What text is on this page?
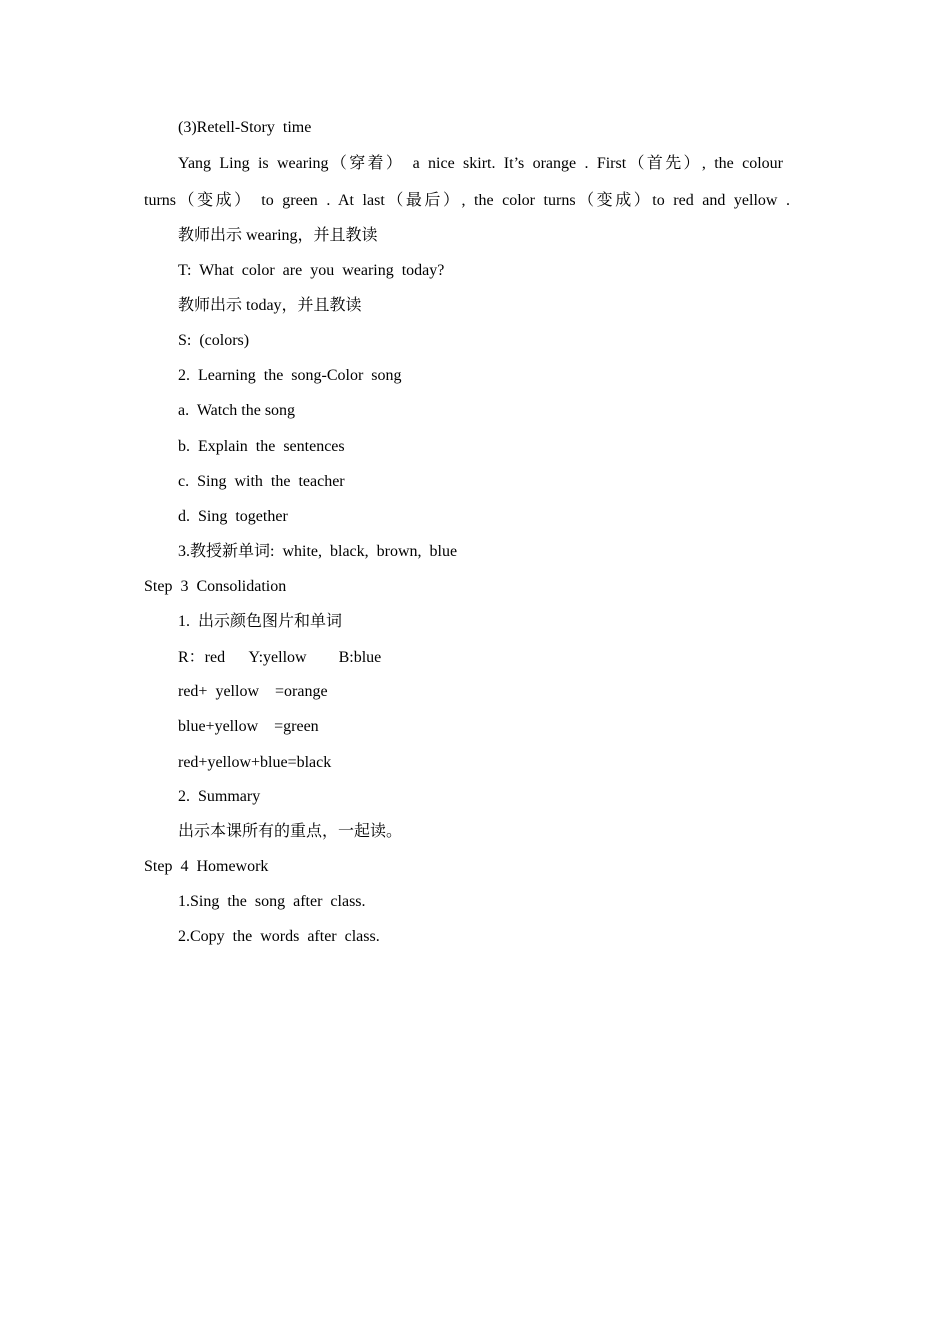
(3)Retell-Story  time
Yang Ling is wearing（穿着） a nice skirt. It’s orange . First（首先）, the colour
turns（变成） to green . At last（最后）, the color turns（变成）to red and yellow .
教师出示 wearing，并且教读
T:  What  color  are  you  wearing  today?
教师出示 today，并且教读
S:  (colors)
2.  Learning  the  song-Color  song
a.  Watch the song
b.  Explain  the  sentences
c.  Sing  with  the  teacher
d.  Sing  together
3.教授新单词:  white,  black,  brown,  blue
Step  3  Consolidation
1.  出示颜色图片和单词
R：red      Y:yellow        B:blue
red+  yellow    =orange
blue+yellow    =green
red+yellow+blue=black
2.  Summary
出示本课所有的重点，一起读。
Step  4  Homework
1.Sing  the  song  after  class.
2.Copy  the  words  after  class.
